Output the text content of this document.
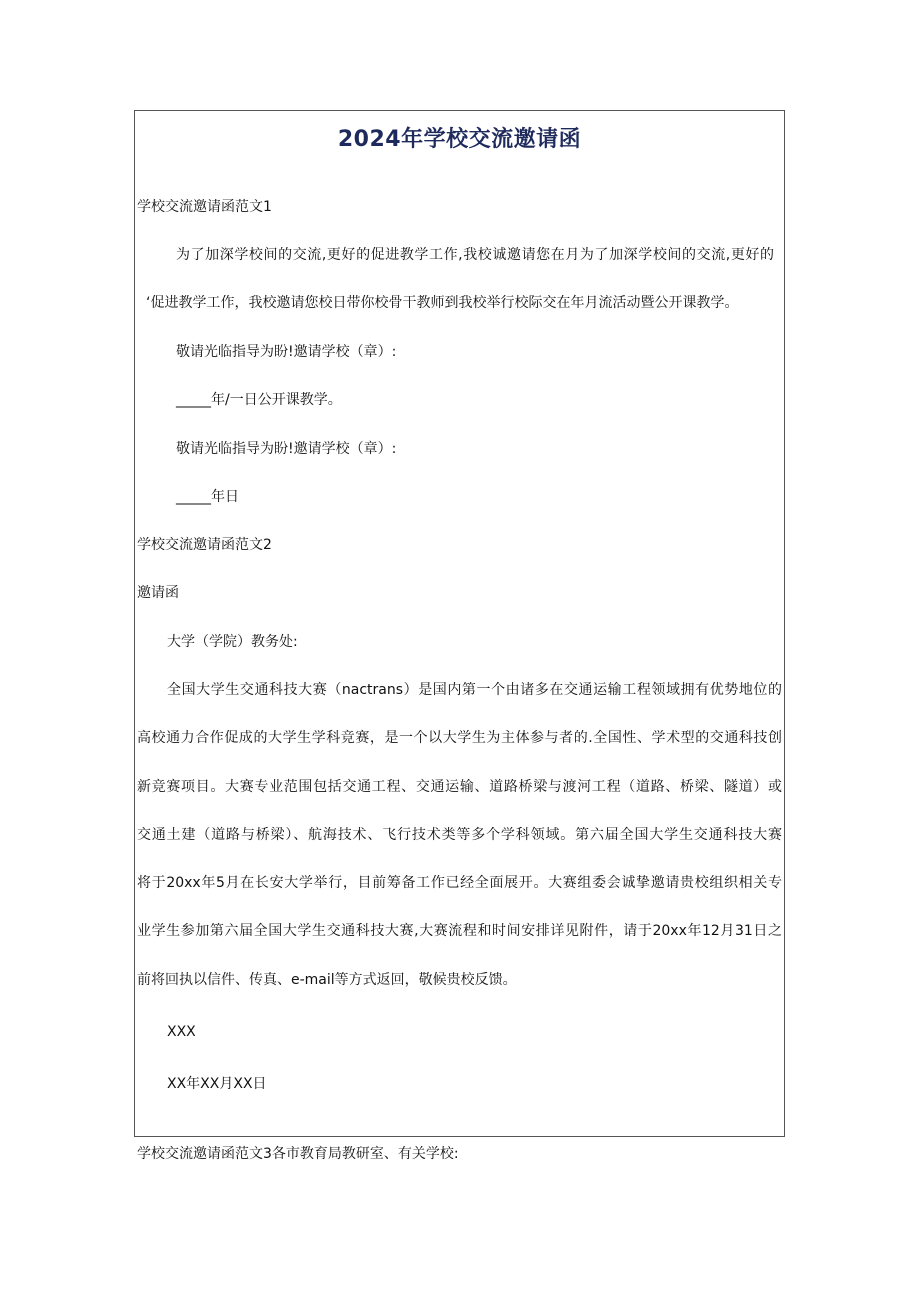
2024年学校交流邀请函

学校交流邀请函范文1

为了加深学校间的交流,更好的促进教学工作,我校诚邀请您在月为了加深学校间的交流,更好的

‘促进教学工作，我校邀请您校日带你校骨干教师到我校举行校际交在年月流活动暨公开课教学。

敬请光临指导为盼!邀请学校（章）:

_____年/一日公开课教学。

敬请光临指导为盼!邀请学校（章）:

_____年日

学校交流邀请函范文2

邀请函

大学（学院）教务处:

全国大学生交通科技大赛（nactrans）是国内第一个由诸多在交通运输工程领域拥有优势地位的

高校通力合作促成的大学生学科竞赛，是一个以大学生为主体参与者的.全国性、学术型的交通科技创

新竞赛项目。大赛专业范围包括交通工程、交通运输、道路桥梁与渡河工程（道路、桥梁、隧道）或

交通土建（道路与桥梁）、航海技术、飞行技术类等多个学科领域。第六届全国大学生交通科技大赛

将于20xx年5月在长安大学举行，目前筹备工作已经全面展开。大赛组委会诚挚邀请贵校组织相关专

业学生参加第六届全国大学生交通科技大赛,大赛流程和时间安排详见附件，请于20xx年12月31日之

前将回执以信件、传真、e-mail等方式返回，敬候贵校反馈。

XXX

XX年XX月XX日

学校交流邀请函范文3各市教育局教研室、有关学校:
